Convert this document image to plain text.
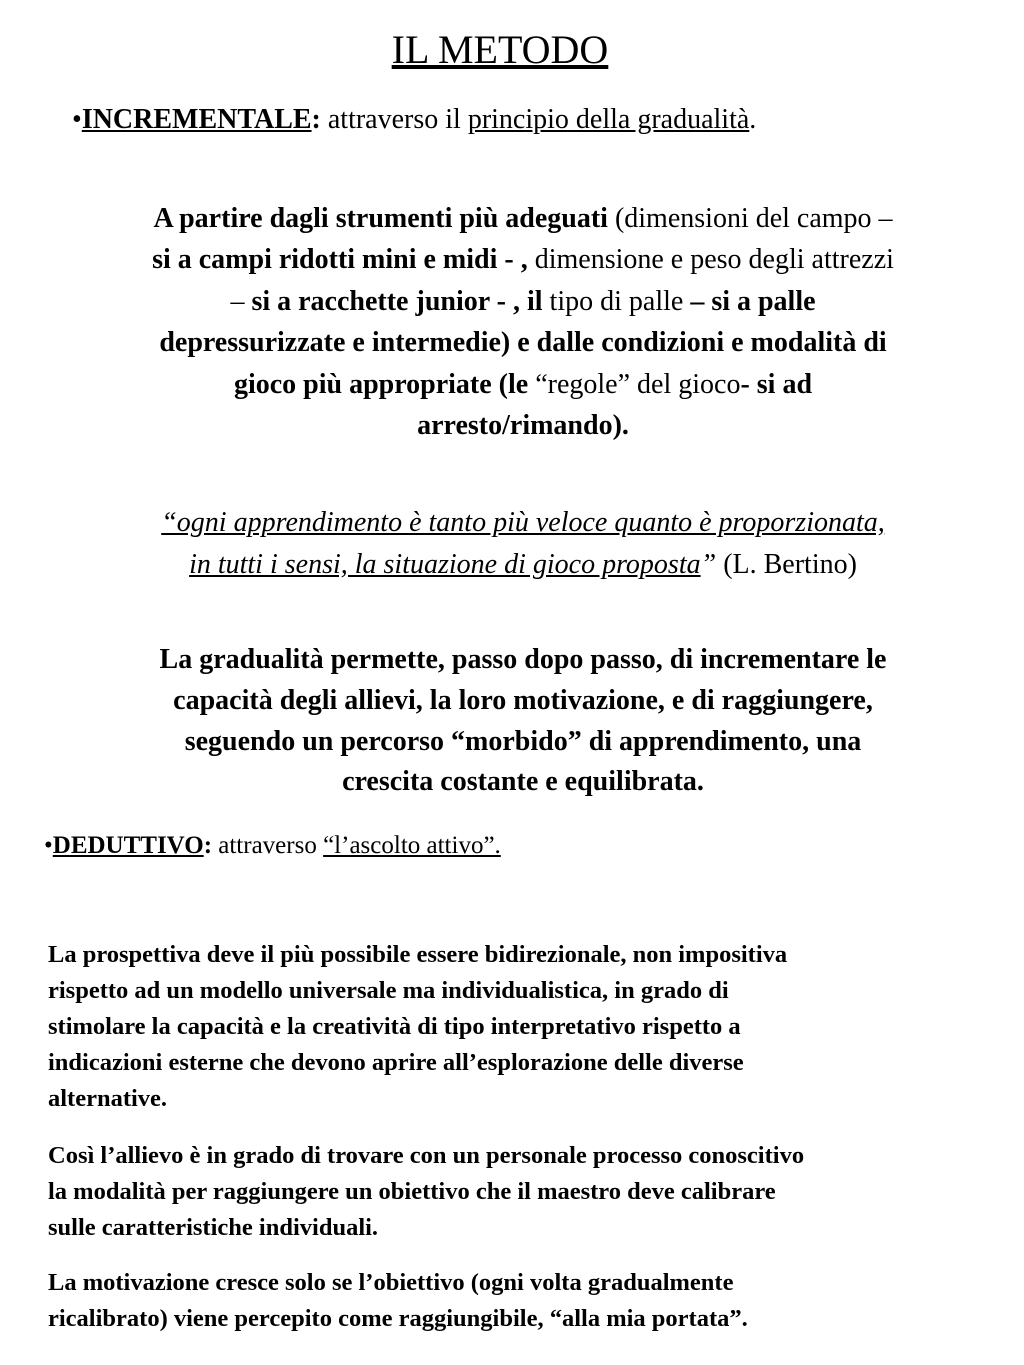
IL METODO
•INCREMENTALE: attraverso il principio della gradualità.
A partire dagli strumenti più adeguati (dimensioni del campo –
si a campi ridotti mini e midi - , dimensione e peso degli attrezzi
– si a racchette junior - , il tipo di palle – si a palle
depressurizzate e intermedie) e dalle condizioni e modalità di
gioco più appropriate (le “regole” del gioco- si ad
arresto/rimando).
“ogni apprendimento è tanto più veloce quanto è proporzionata,
in tutti i sensi, la situazione di gioco proposta” (L. Bertino)
La gradualità permette, passo dopo passo, di incrementare le
capacità degli allievi, la loro motivazione, e di raggiungere,
seguendo un percorso “morbido” di apprendimento, una
crescita costante e equilibrata.
•DEDUTTIVO: attraverso “l’ascolto attivo”.
La prospettiva deve il più possibile essere bidirezionale, non impositiva
rispetto ad un modello universale ma individualistica, in grado di
stimolare la capacità e la creatività di tipo interpretativo rispetto a
indicazioni esterne che devono aprire all’esplorazione delle diverse
alternative.
Così l’allievo è in grado di trovare con un personale processo conoscitivo
la modalità per raggiungere un obiettivo che il maestro deve calibrare
sulle caratteristiche individuali.
La motivazione cresce solo se l’obiettivo (ogni volta gradualmente
ricalibrato) viene percepito come raggiungibile, “alla mia portata”.
